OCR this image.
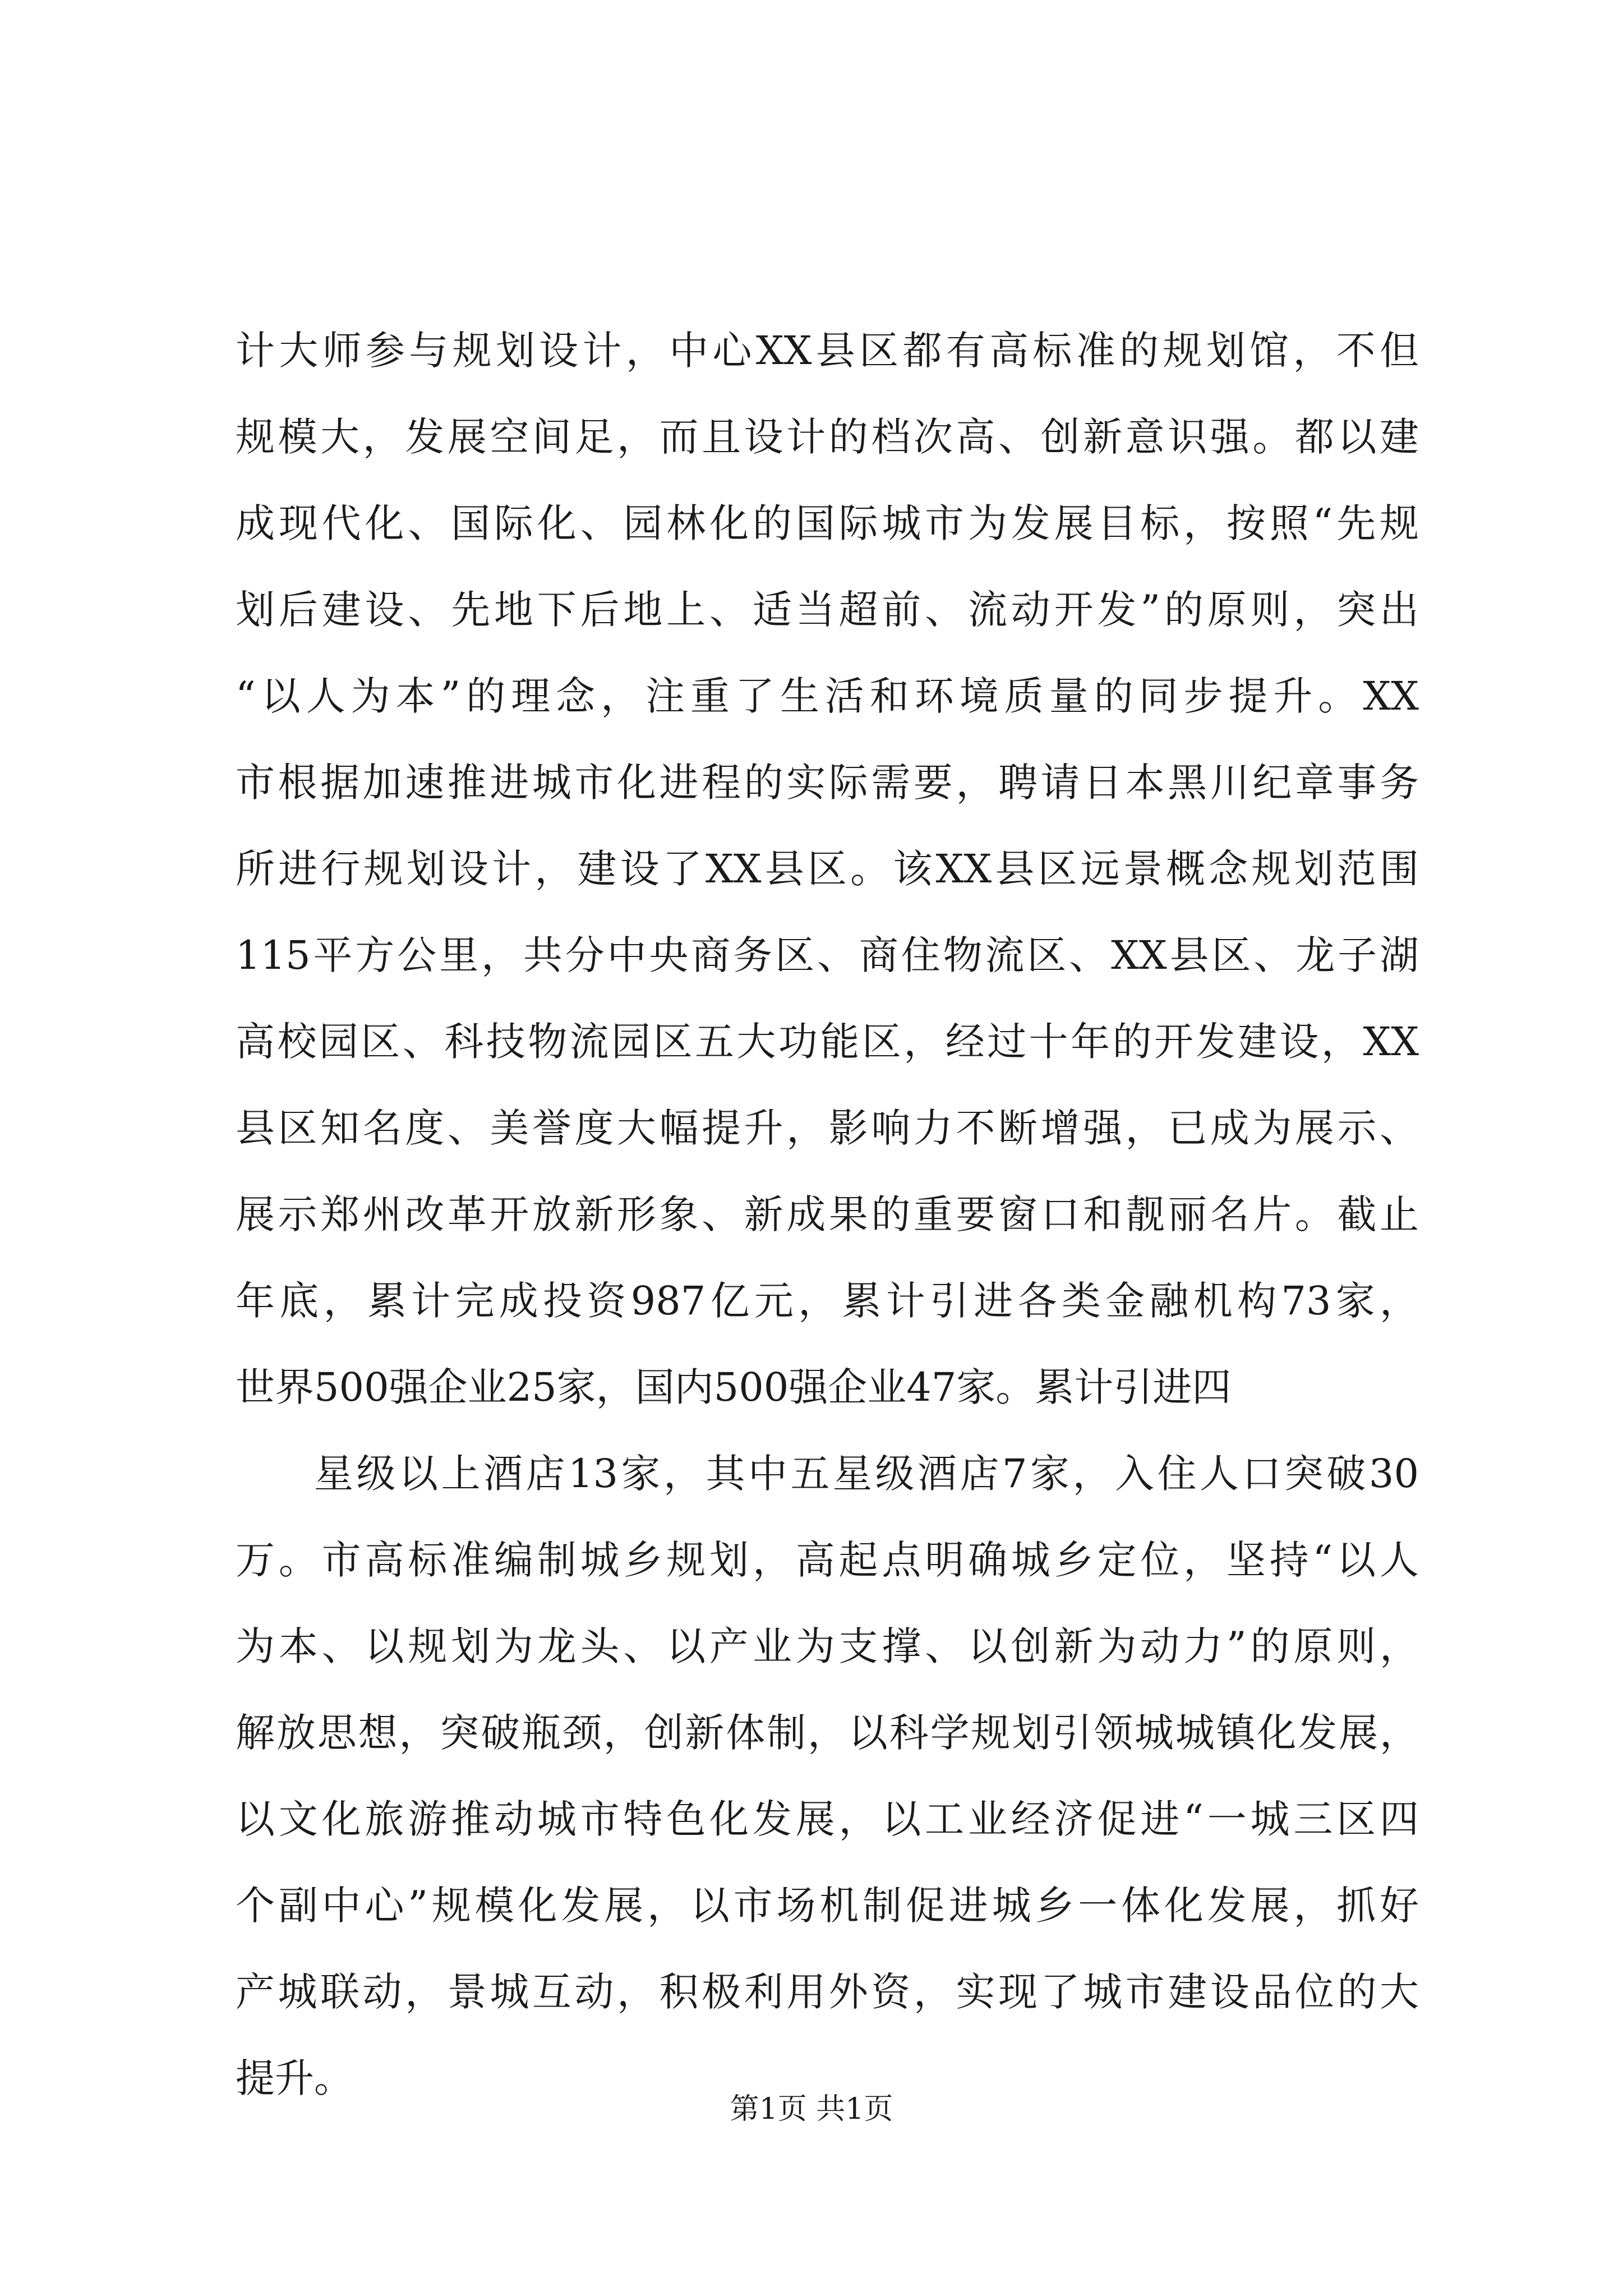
计大师参与规划设计，中心XX县区都有高标准的规划馆，不但
规模大，发展空间足，而且设计的档次高、创新意识强。都以建
成现代化、国际化、园林化的国际城市为发展目标，按照“先规
划后建设、先地下后地上、适当超前、流动开发”的原则，突出
“以人为本”的理念，注重了生活和环境质量的同步提升。XX
市根据加速推进城市化进程的实际需要，聘请日本黑川纪章事务
所进行规划设计，建设了XX县区。该XX县区远景概念规划范围
115平方公里，共分中央商务区、商住物流区、XX县区、龙子湖
高校园区、科技物流园区五大功能区，经过十年的开发建设，XX
县区知名度、美誉度大幅提升，影响力不断增强，已成为展示、
展示郑州改革开放新形象、新成果的重要窗口和靓丽名片。截止
年底，累计完成投资987亿元，累计引进各类金融机构73家，
世界500强企业25家，国内500强企业47家。累计引进四
星级以上酒店13家，其中五星级酒店7家，入住人口突破30
万。市高标准编制城乡规划，高起点明确城乡定位，坚持“以人
为本、以规划为龙头、以产业为支撑、以创新为动力”的原则，
解放思想，突破瓶颈，创新体制，以科学规划引领城城镇化发展，
以文化旅游推动城市特色化发展，以工业经济促进“一城三区四
个副中心”规模化发展，以市场机制促进城乡一体化发展，抓好
产城联动，景城互动，积极利用外资，实现了城市建设品位的大
提升。
第1页 共1页
